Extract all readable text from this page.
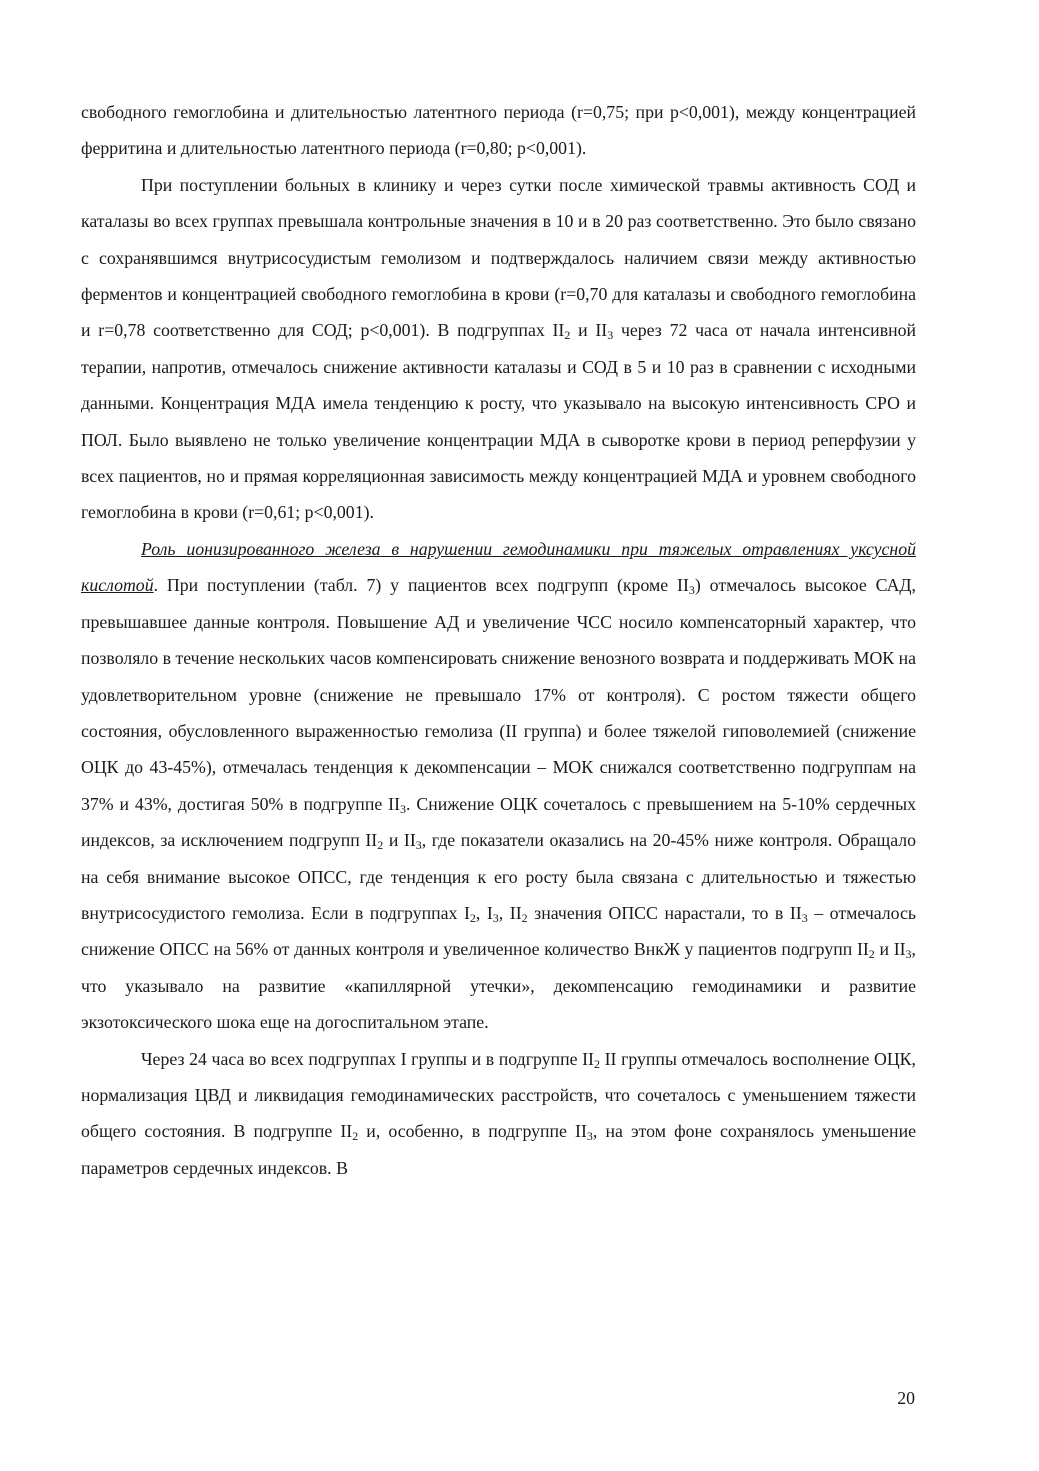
свободного гемоглобина и длительностью латентного периода (r=0,75; при p<0,001), между концентрацией ферритина и длительностью латентного периода (r=0,80; p<0,001).

При поступлении больных в клинику и через сутки после химической травмы активность СОД и каталазы во всех группах превышала контрольные значения в 10 и в 20 раз соответственно. Это было связано с сохранявшимся внутрисосудистым гемолизом и подтверждалось наличием связи между активностью ферментов и концентрацией свободного гемоглобина в крови (r=0,70 для каталазы и свободного гемоглобина и r=0,78 соответственно для СОД; p<0,001). В подгруппах $II_2$ и $II_3$ через 72 часа от начала интенсивной терапии, напротив, отмечалось снижение активности каталазы и СОД в 5 и 10 раз в сравнении с исходными данными. Концентрация МДА имела тенденцию к росту, что указывало на высокую интенсивность СРО и ПОЛ. Было выявлено не только увеличение концентрации МДА в сыворотке крови в период реперфузии у всех пациентов, но и прямая корреляционная зависимость между концентрацией МДА и уровнем свободного гемоглобина в крови (r=0,61; p<0,001).

Роль ионизированного железа в нарушении гемодинамики при тяжелых отравлениях уксусной кислотой. При поступлении (табл. 7) у пациентов всех подгрупп (кроме $II_3$) отмечалось высокое САД, превышавшее данные контроля. Повышение АД и увеличение ЧСС носило компенсаторный характер, что позволяло в течение нескольких часов компенсировать снижение венозного возврата и поддерживать МОК на удовлетворительном уровне (снижение не превышало 17% от контроля). С ростом тяжести общего состояния, обусловленного выраженностью гемолиза (II группа) и более тяжелой гиповолемией (снижение ОЦК до 43-45%), отмечалась тенденция к декомпенсации – МОК снижался соответственно подгруппам на 37% и 43%, достигая 50% в подгруппе $II_3$. Снижение ОЦК сочеталось с превышением на 5-10% сердечных индексов, за исключением подгрупп $II_2$ и $II_3$, где показатели оказались на 20-45% ниже контроля. Обращало на себя внимание высокое ОПСС, где тенденция к его росту была связана с длительностью и тяжестью внутрисосудистого гемолиза. Если в подгруппах $I_2$, $I_3$, $II_2$ значения ОПСС нарастали, то в $II_3$ – отмечалось снижение ОПСС на 56% от данных контроля и увеличенное количество ВнкЖ у пациентов подгрупп $II_2$ и $II_3$, что указывало на развитие «капиллярной утечки», декомпенсацию гемодинамики и развитие экзотоксического шока еще на догоспитальном этапе.

Через 24 часа во всех подгруппах I группы и в подгруппе $II_2$ II группы отмечалось восполнение ОЦК, нормализация ЦВД и ликвидация гемодинамических расстройств, что сочеталось с уменьшением тяжести общего состояния. В подгруппе $II_2$ и, особенно, в подгруппе $II_3$, на этом фоне сохранялось уменьшение параметров сердечных индексов. В

20
